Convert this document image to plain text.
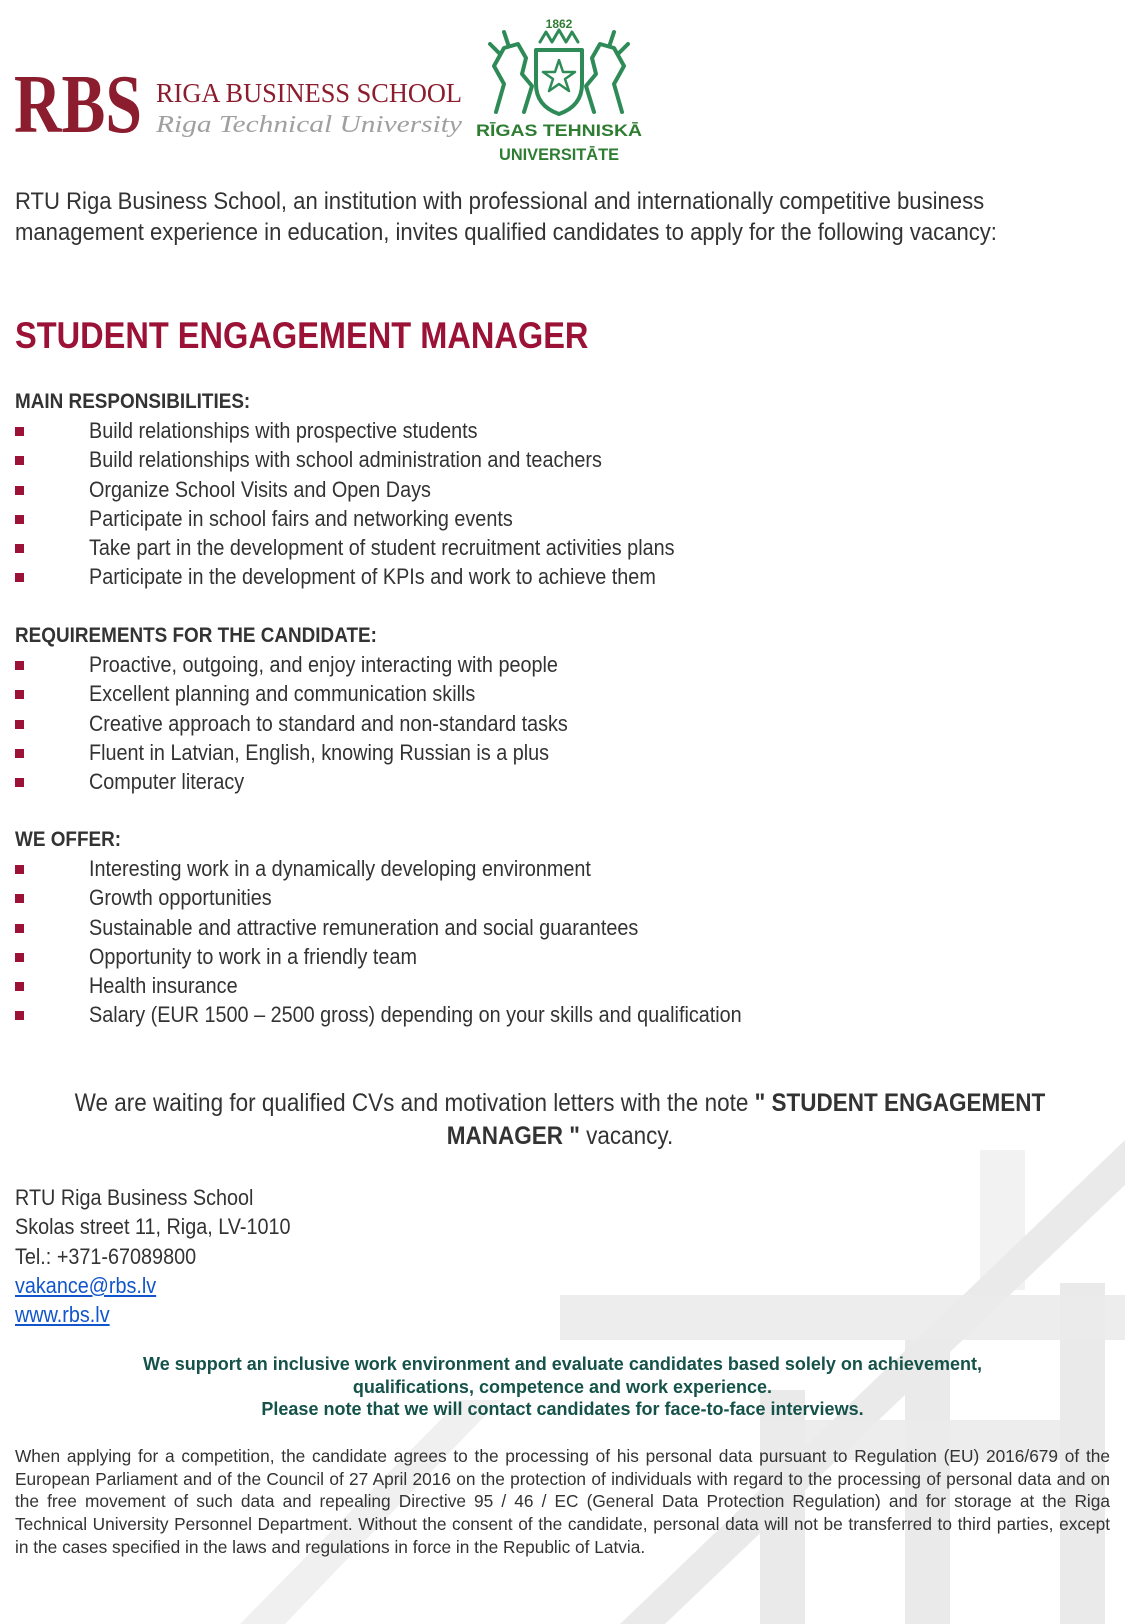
RBS RIGA BUSINESS SCHOOL
Riga Technical University
1862
RĪGAS TEHNISKĀ
UNIVERSITĀTE
RTU Riga Business School, an institution with professional and internationally competitive business management experience in education, invites qualified candidates to apply for the following vacancy:
STUDENT ENGAGEMENT MANAGER
MAIN RESPONSIBILITIES:
Build relationships with prospective students
Build relationships with school administration and teachers
Organize School Visits and Open Days
Participate in school fairs and networking events
Take part in the development of student recruitment activities plans
Participate in the development of KPIs and work to achieve them
REQUIREMENTS FOR THE CANDIDATE:
Proactive, outgoing, and enjoy interacting with people
Excellent planning and communication skills
Creative approach to standard and non-standard tasks
Fluent in Latvian, English, knowing Russian is a plus
Computer literacy
WE OFFER:
Interesting work in a dynamically developing environment
Growth opportunities
Sustainable and attractive remuneration and social guarantees
Opportunity to work in a friendly team
Health insurance
Salary (EUR 1500 – 2500 gross) depending on your skills and qualification
We are waiting for qualified CVs and motivation letters with the note " STUDENT ENGAGEMENT MANAGER " vacancy.
RTU Riga Business School
Skolas street 11, Riga, LV-1010
Tel.: +371-67089800
vakance@rbs.lv
www.rbs.lv
We support an inclusive work environment and evaluate candidates based solely on achievement,
qualifications, competence and work experience.
Please note that we will contact candidates for face-to-face interviews.
When applying for a competition, the candidate agrees to the processing of his personal data pursuant to Regulation (EU) 2016/679 of the European Parliament and of the Council of 27 April 2016 on the protection of individuals with regard to the processing of personal data and on the free movement of such data and repealing Directive 95 / 46 / EC (General Data Protection Regulation) and for storage at the Riga Technical University Personnel Department. Without the consent of the candidate, personal data will not be transferred to third parties, except in the cases specified in the laws and regulations in force in the Republic of Latvia.
